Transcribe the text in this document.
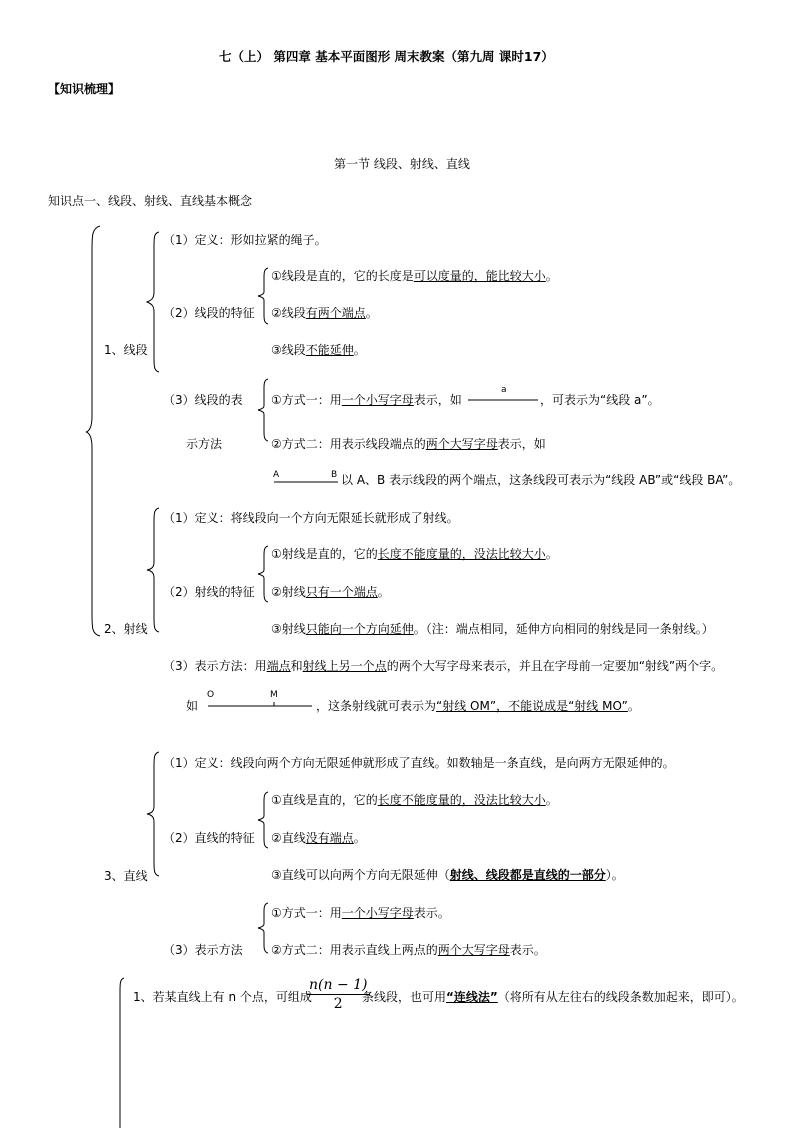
七（上） 第四章 基本平面图形 周末教案（第九周 课时17）
【知识梳理】
第一节 线段、射线、直线
知识点一、线段、射线、直线基本概念
1、线段
（1）定义：形如拉紧的绳子。
（2）线段的特征
①线段是直的，它的长度是可以度量的，能比较大小。
②线段有两个端点。
③线段不能延伸。
（3）线段的表
示方法
①方式一：用一个小写字母表示，如
a
，可表示为“线段 a”。
②方式二：用表示线段端点的两个大写字母表示，如
A	B 以 A、B 表示线段的两个端点，这条线段可表示为“线段 AB”或“线段 BA”。
2、射线
（1）定义：将线段向一个方向无限延长就形成了射线。
（2）射线的特征
①射线是直的，它的长度不能度量的，没法比较大小。
②射线只有一个端点。
③射线只能向一个方向延伸。（注：端点相同，延伸方向相同的射线是同一条射线。）
（3）表示方法：用端点和射线上另一个点的两个大写字母来表示，并且在字母前一定要加“射线”两个字。
如
O	M
，这条射线就可表示为“射线 OM”，不能说成是“射线 MO”。
3、直线
（1）定义：线段向两个方向无限延伸就形成了直线。如数轴是一条直线，是向两方无限延伸的。
（2）直线的特征
①直线是直的，它的长度不能度量的，没法比较大小。
②直线没有端点。
③直线可以向两个方向无限延伸（射线、线段都是直线的一部分）。
①方式一：用一个小写字母表示。
（3）表示方法 ②方式二：用表示直线上两点的两个大写字母表示。
1、若某直线上有 n 个点，可组成
$\frac{n(n - 1)}{2}$
条线段，也可用“连线法”（将所有从左往右的线段条数加起来，即可）。
